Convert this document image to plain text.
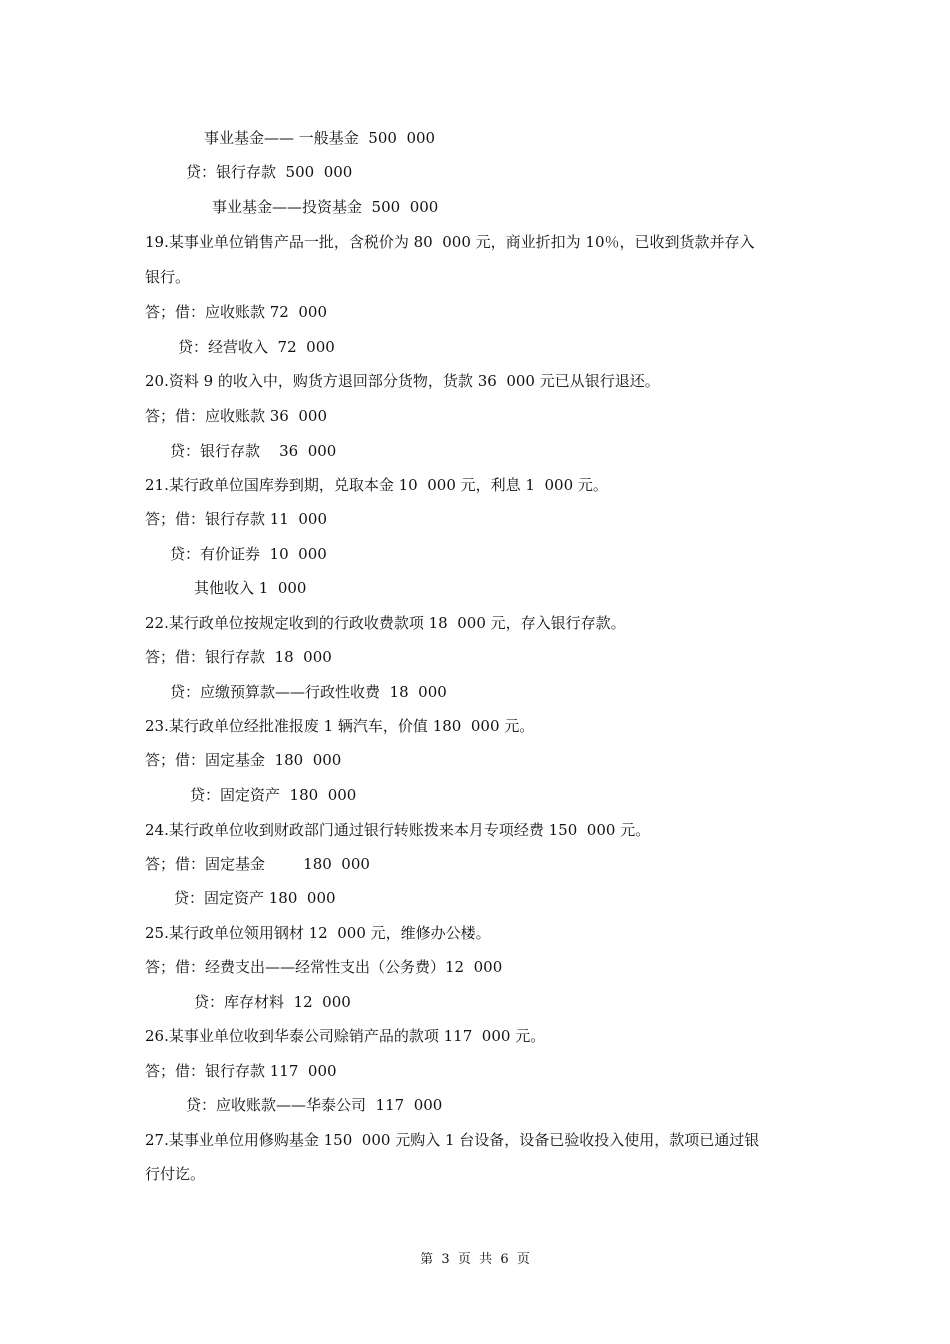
事业基金—— 一般基金  500  000
贷：银行存款  500  000
事业基金——投资基金  500  000
19.某事业单位销售产品一批，含税价为 80  000 元，商业折扣为 10％，已收到货款并存入
银行。
答；借：应收账款 72  000
贷：经营收入  72  000
20.资料 9 的收入中，购货方退回部分货物，货款 36  000 元已从银行退还。
答；借：应收账款 36  000
贷：银行存款    36  000
21.某行政单位国库券到期，兑取本金 10  000 元，利息 1  000 元。
答；借：银行存款 11  000
贷：有价证券  10  000
其他收入 1  000
22.某行政单位按规定收到的行政收费款项 18  000 元，存入银行存款。
答；借：银行存款  18  000
贷：应缴预算款——行政性收费  18  000
23.某行政单位经批准报废 1 辆汽车，价值 180  000 元。
答；借：固定基金  180  000
贷：固定资产  180  000
24.某行政单位收到财政部门通过银行转账拨来本月专项经费 150  000 元。
答；借：固定基金        180  000
贷：固定资产 180  000
25.某行政单位领用钢材 12  000 元，维修办公楼。
答；借：经费支出——经常性支出（公务费）12  000
贷：库存材料  12  000
26.某事业单位收到华泰公司赊销产品的款项 117  000 元。
答；借：银行存款 117  000
贷：应收账款——华泰公司  117  000
27.某事业单位用修购基金 150  000 元购入 1 台设备，设备已验收投入使用，款项已通过银
行付讫。
第  3  页  共  6  页
